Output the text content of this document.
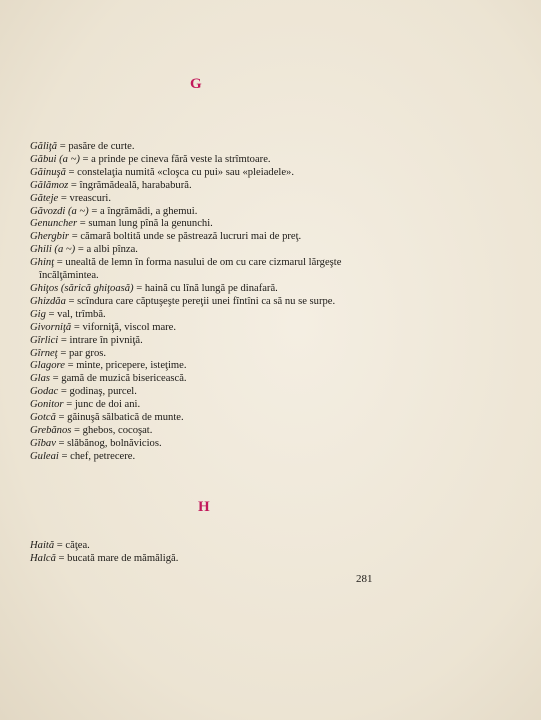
G
Găliţă = pasăre de curte.
Găbui (a ~) = a prinde pe cineva fără veste la strîmtoare.
Găinuşă = constelaţia numită «cloşca cu pui» sau «pleiadele».
Gălămoz = îngrămădeală, harababură.
Găteje = vreascuri.
Găvozdi (a ~) = a îngrămădi, a ghemui.
Genuncher = suman lung pînă la genunchi.
Ghergbir = cămară boltită unde se păstrează lucruri mai de preţ.
Ghili (a ~) = a albi pînza.
Ghinţ = unealtă de lemn în forma nasului de om cu care cizmarul lărgeşte
încălţămintea.
Ghiţos (sărică ghiţoasă) = haină cu lînă lungă pe dinafară.
Ghizdăa = scîndura care căptuşeşte pereţii unei fîntîni ca să nu se surpe.
Gig = val, trîmbă.
Givorniţă = viforniţă, viscol mare.
Gîrlici = intrare în pivniţă.
Gîrneţ = par gros.
Glagore = minte, pricepere, isteţime.
Glas = gamă de muzică bisericească.
Godac = godinaş, purcel.
Gonitor = junc de doi ani.
Gotcă = găinuşă sălbatică de munte.
Grebănos = ghebos, cocoşat.
Gîbav = slăbănog, bolnăvicios.
Guleai = chef, petrecere.
H
Haită = căţea.
Halcă = bucată mare de mămăligă.
281
